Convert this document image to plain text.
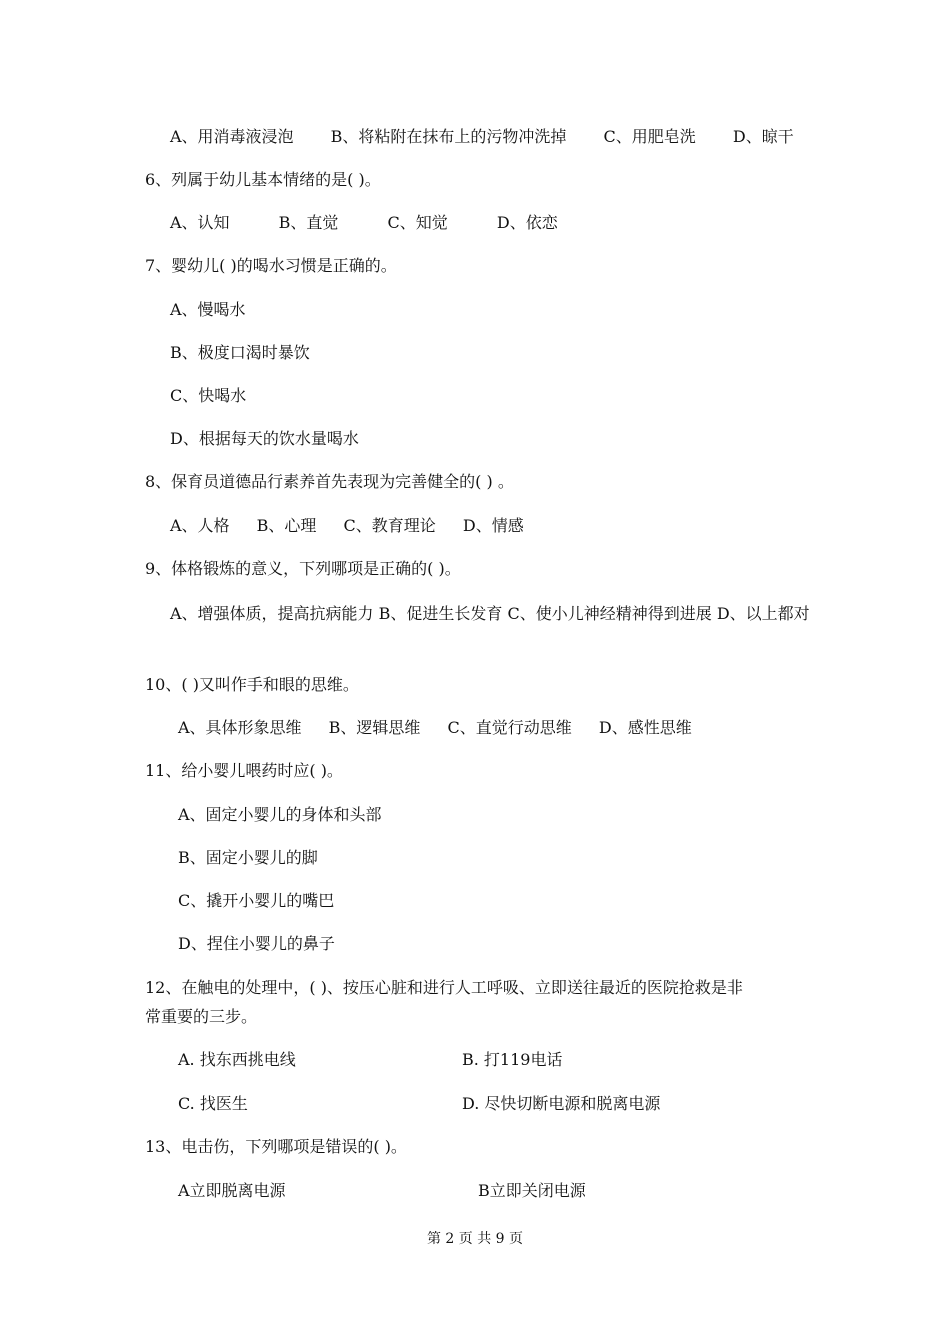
A、用消毒液浸泡 B、将粘附在抹布上的污物冲洗掉 C、用肥皂洗 D、晾干
6、列属于幼儿基本情绪的是( )。
A、认知	B、直觉	C、知觉	D、依恋
7、婴幼儿( )的喝水习惯是正确的。
A、慢喝水
B、极度口渴时暴饮
C、快喝水
D、根据每天的饮水量喝水
8、保育员道德品行素养首先表现为完善健全的( ) 。
A、人格 B、心理 C、教育理论 D、情感
9、体格锻炼的意义，下列哪项是正确的( )。
A、增强体质，提高抗病能力 B、促进生长发育 C、使小儿神经精神得到进展 D、以上都对
10、( )又叫作手和眼的思维。
A、具体形象思维 B、逻辑思维 C、直觉行动思维 D、感性思维
11、给小婴儿喂药时应( )。
A、固定小婴儿的身体和头部
B、固定小婴儿的脚
C、撬开小婴儿的嘴巴
D、捏住小婴儿的鼻子
12、在触电的处理中，( )、按压心脏和进行人工呼吸、立即送往最近的医院抢救是非
常重要的三步。
A. 找东西挑电线	B. 打119电话
C. 找医生	D. 尽快切断电源和脱离电源
13、电击伤，下列哪项是错误的( )。
A立即脱离电源	B立即关闭电源
第 2 页 共 9 页
